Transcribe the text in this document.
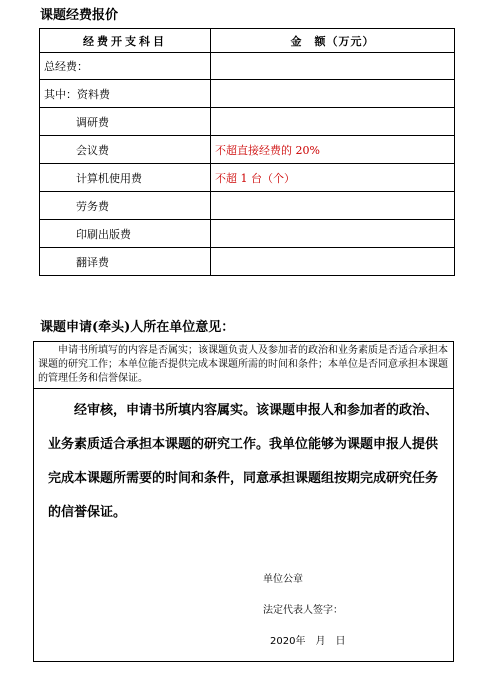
课题经费报价
经费开支科目	金　额（万元）
总经费：	
其中：资料费	
调研费	
会议费	不超直接经费的 20%
计算机使用费	不超 1 台（个）
劳务费	
印刷出版费	
翻译费	
课题申请(牵头)人所在单位意见：
申请书所填写的内容是否属实；该课题负责人及参加者的政治和业务素质是否适合承担本课题的研究工作；本单位能否提供完成本课题所需的时间和条件；本单位是否同意承担本课题的管理任务和信誉保证。
经审核，申请书所填内容属实。该课题申报人和参加者的政治、业务素质适合承担本课题的研究工作。我单位能够为课题申报人提供完成本课题所需要的时间和条件，同意承担课题组按期完成研究任务的信誉保证。
单位公章
法定代表人签字：
2020年　月　日
